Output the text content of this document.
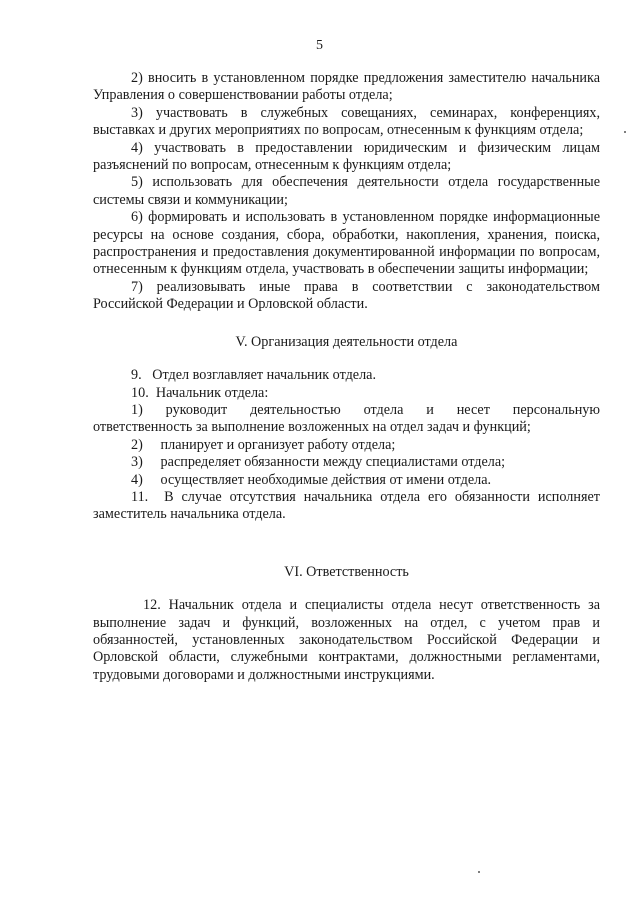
5

2) вносить в установленном порядке предложения заместителю начальника Управления о совершенствовании работы отдела;

3) участвовать в служебных совещаниях, семинарах, конференциях, выставках и других мероприятиях по вопросам, отнесенным к функциям отдела;

4) участвовать в предоставлении юридическим и физическим лицам разъяснений по вопросам, отнесенным к функциям отдела;

5) использовать для обеспечения деятельности отдела государственные системы связи и коммуникации;

6) формировать и использовать в установленном порядке информационные ресурсы на основе создания, сбора, обработки, накопления, хранения, поиска, распространения и предоставления документированной информации по вопросам, отнесенным к функциям отдела, участвовать в обеспечении защиты информации;

7) реализовывать иные права в соответствии с законодательством Российской Федерации и Орловской области.

V. Организация деятельности отдела

9.   Отдел возглавляет начальник отдела.

10.  Начальник отдела:

1)   руководит   деятельностью   отдела   и   несет   персональную ответственность за выполнение возложенных на отдел задач и функций;

2)     планирует и организует работу отдела;

3)     распределяет обязанности между специалистами отдела;

4)     осуществляет необходимые действия от имени отдела.

11.  В случае отсутствия начальника отдела его обязанности исполняет заместитель начальника отдела.

VI. Ответственность

12. Начальник отдела и специалисты отдела несут ответственность за выполнение задач и функций, возложенных на отдел, с учетом прав и обязанностей, установленных законодательством Российской Федерации и Орловской области, служебными контрактами, должностными регламентами, трудовыми договорами и должностными инструкциями.
